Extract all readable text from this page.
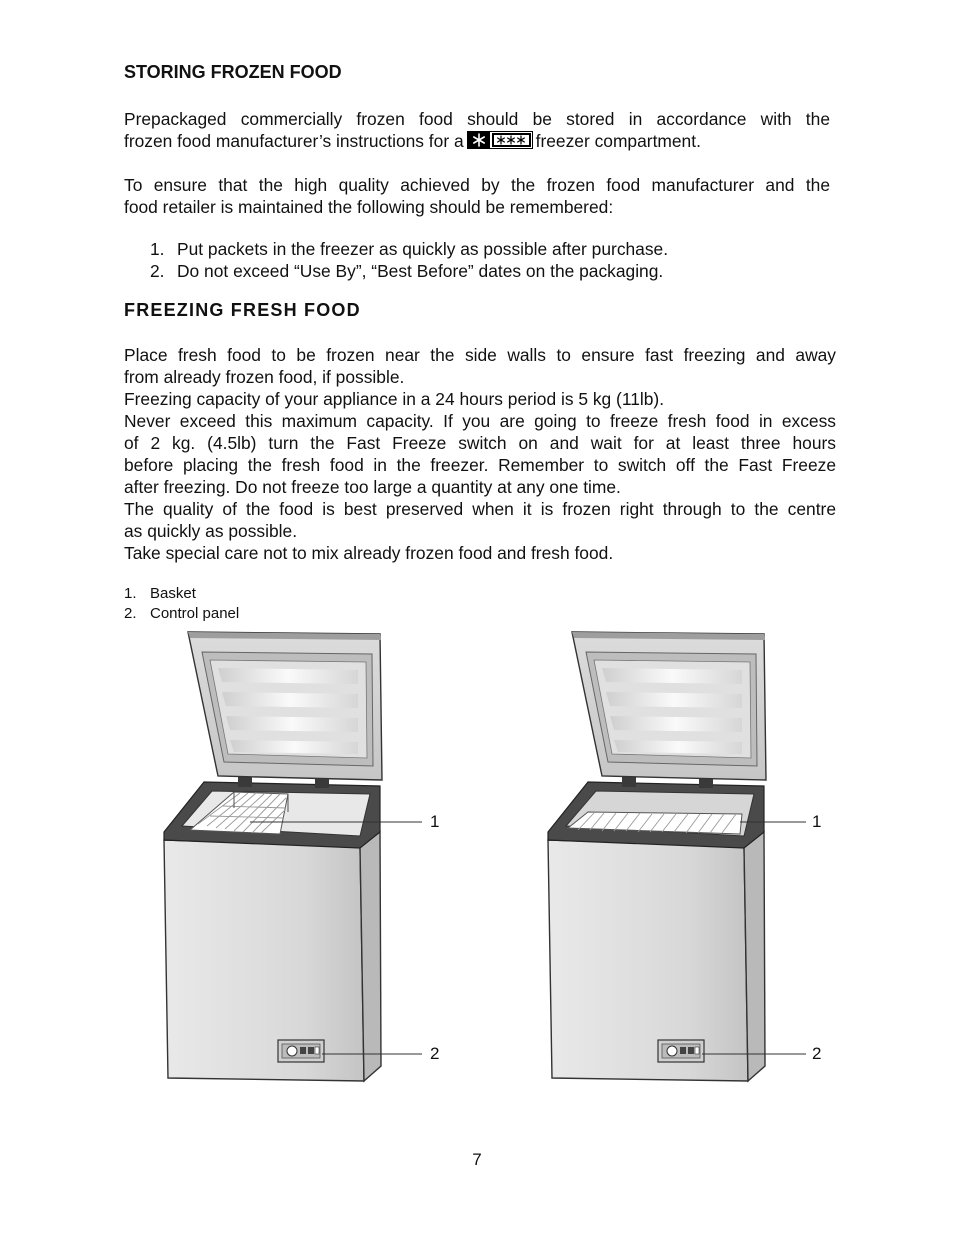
STORING FROZEN FOOD
Prepackaged commercially frozen food should be stored in accordance with the
frozen food manufacturer’s instructions for a	freezer compartment.
To ensure that the high quality achieved by the frozen food manufacturer and the
food retailer is maintained the following should be remembered:
1. Put packets in the freezer as quickly as possible after purchase.
2. Do not exceed “Use By”, “Best Before” dates on the packaging.
FREEZING FRESH FOOD
Place fresh food to be frozen near the side walls to ensure fast freezing and away
from already frozen food, if possible.
Freezing capacity of your appliance in a 24 hours period is 5 kg (11lb).
Never exceed this maximum capacity. If you are going to freeze fresh food in excess
of 2 kg. (4.5lb) turn the Fast Freeze switch on and wait for at least three hours
before placing the fresh food in the freezer. Remember to switch off the Fast Freeze
after freezing. Do not freeze too large a quantity at any one time.
The quality of the food is best preserved when it is frozen right through to the centre
as quickly as possible.
Take special care not to mix already frozen food and fresh food.
1. Basket
2. Control panel
1
2
1
2
7
